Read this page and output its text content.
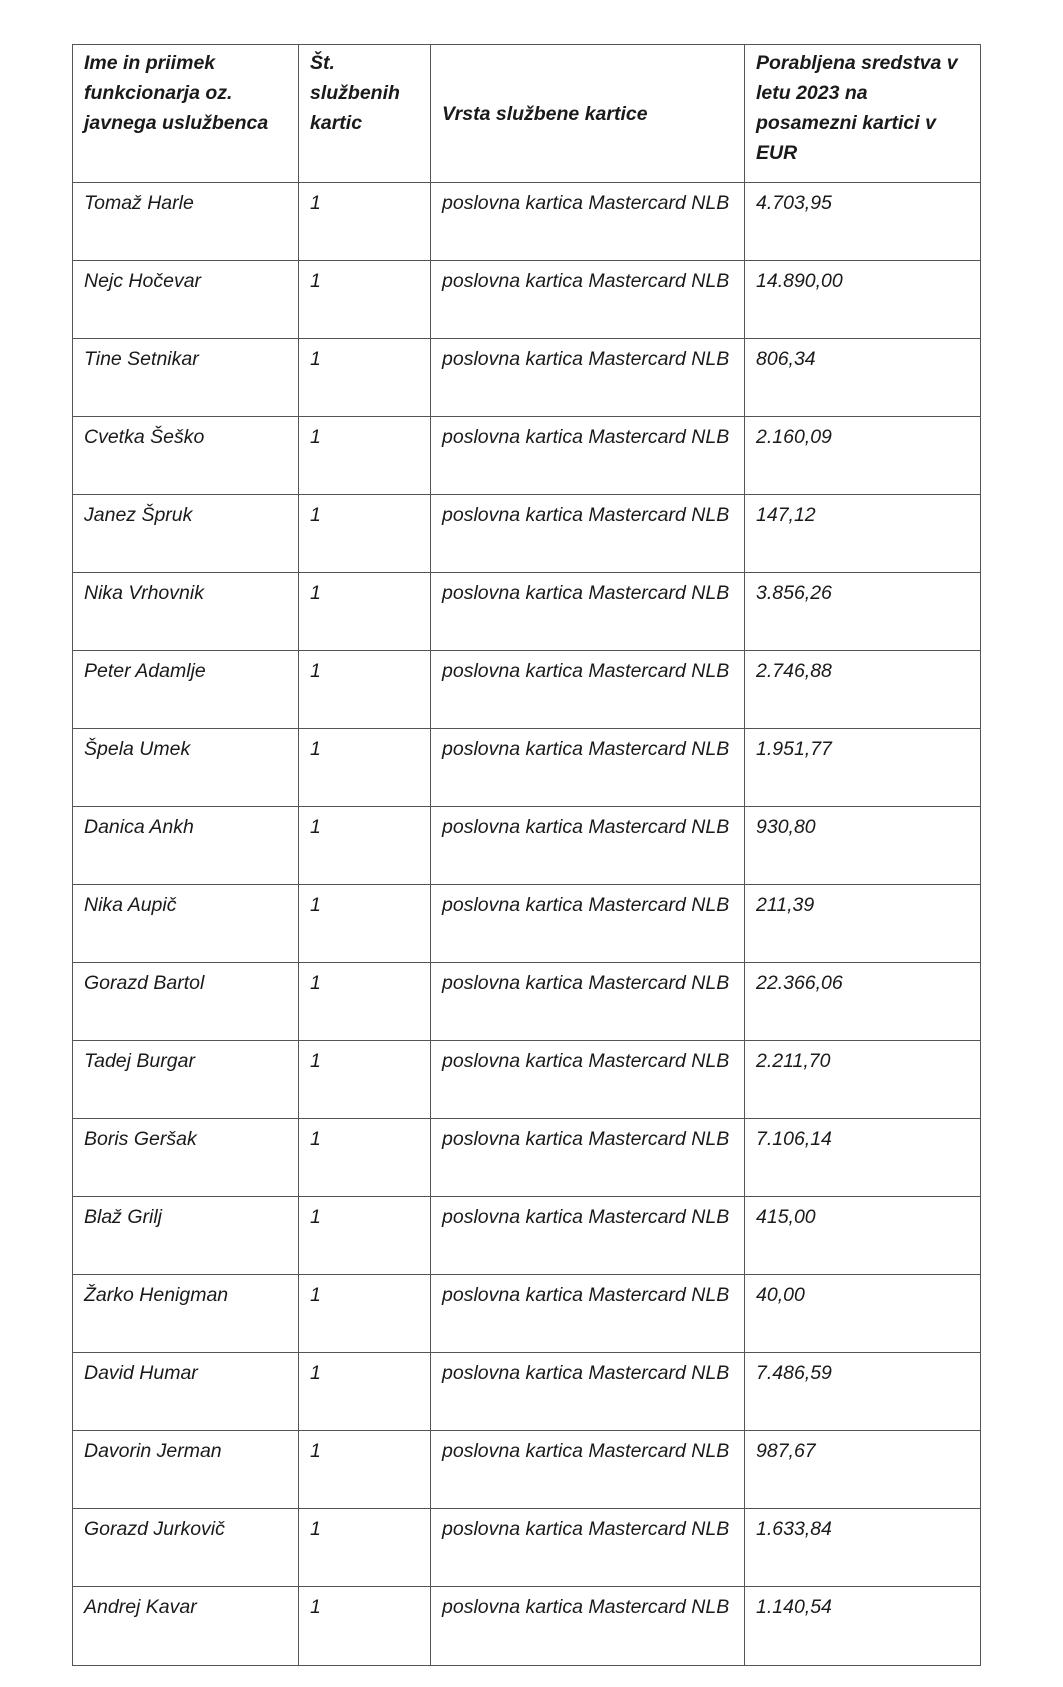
Ime in priimek funkcionarja oz. javnega uslužbenca	Št. službenih kartic	Vrsta službene kartice	Porabljena sredstva v letu 2023 na posamezni kartici v EUR
Tomaž Harle	1	poslovna kartica Mastercard NLB	4.703,95
Nejc Hočevar	1	poslovna kartica Mastercard NLB	14.890,00
Tine Setnikar	1	poslovna kartica Mastercard NLB	806,34
Cvetka Šeško	1	poslovna kartica Mastercard NLB	2.160,09
Janez Špruk	1	poslovna kartica Mastercard NLB	147,12
Nika Vrhovnik	1	poslovna kartica Mastercard NLB	3.856,26
Peter Adamlje	1	poslovna kartica Mastercard NLB	2.746,88
Špela Umek	1	poslovna kartica Mastercard NLB	1.951,77
Danica Ankh	1	poslovna kartica Mastercard NLB	930,80
Nika Aupič	1	poslovna kartica Mastercard NLB	211,39
Gorazd Bartol	1	poslovna kartica Mastercard NLB	22.366,06
Tadej Burgar	1	poslovna kartica Mastercard NLB	2.211,70
Boris Geršak	1	poslovna kartica Mastercard NLB	7.106,14
Blaž Grilj	1	poslovna kartica Mastercard NLB	415,00
Žarko Henigman	1	poslovna kartica Mastercard NLB	40,00
David Humar	1	poslovna kartica Mastercard NLB	7.486,59
Davorin Jerman	1	poslovna kartica Mastercard NLB	987,67
Gorazd Jurkovič	1	poslovna kartica Mastercard NLB	1.633,84
Andrej Kavar	1	poslovna kartica Mastercard NLB	1.140,54
